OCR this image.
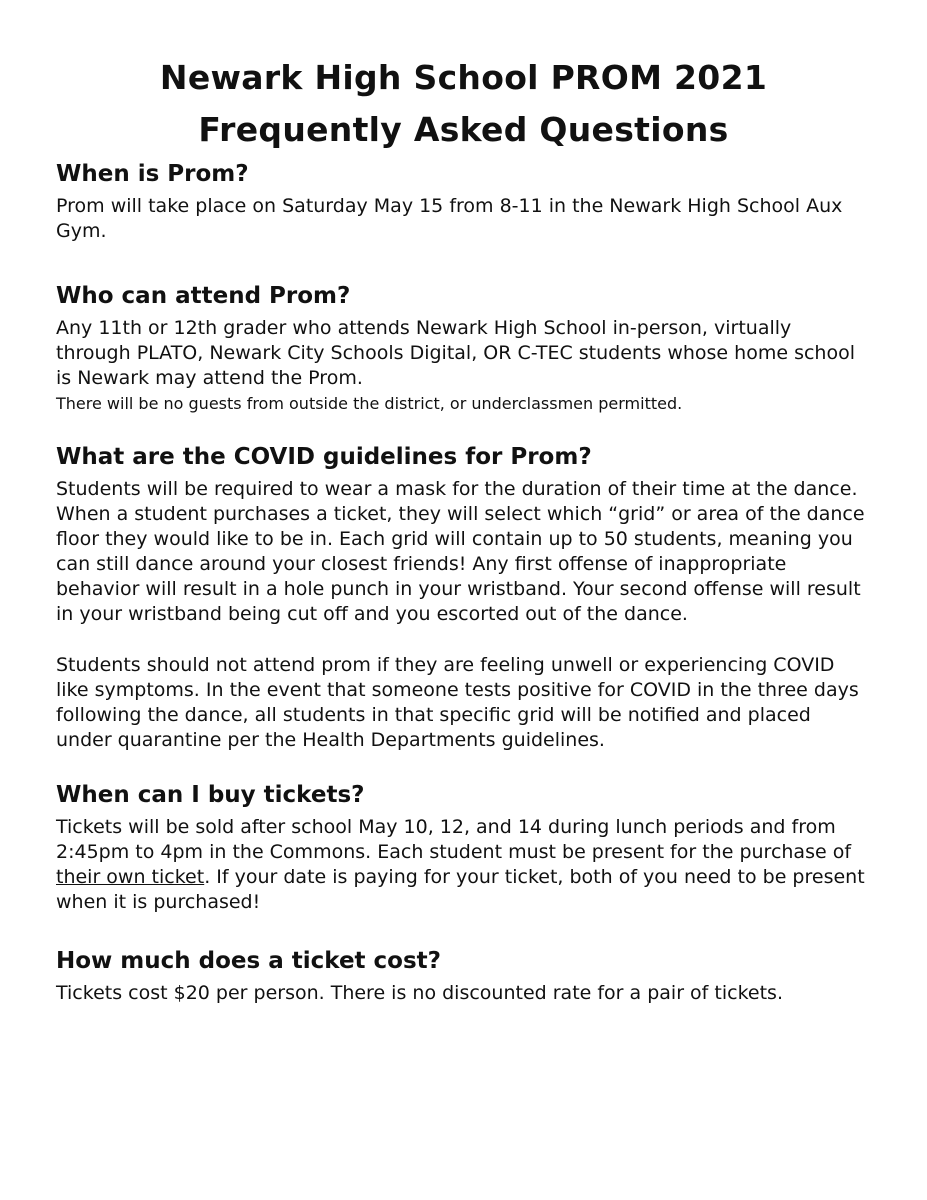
Newark High School PROM 2021

Frequently Asked Questions

When is Prom?

Prom will take place on Saturday May 15 from 8-11 in the Newark High School Aux Gym.

Who can attend Prom?

Any 11th or 12th grader who attends Newark High School in-person, virtually through PLATO, Newark City Schools Digital, OR C-TEC students whose home school is Newark may attend the Prom.

There will be no guests from outside the district, or underclassmen permitted.

What are the COVID guidelines for Prom?

Students will be required to wear a mask for the duration of their time at the dance. When a student purchases a ticket, they will select which “grid” or area of the dance floor they would like to be in. Each grid will contain up to 50 students, meaning you can still dance around your closest friends! Any first offense of inappropriate behavior will result in a hole punch in your wristband. Your second offense will result in your wristband being cut off and you escorted out of the dance.

Students should not attend prom if they are feeling unwell or experiencing COVID like symptoms. In the event that someone tests positive for COVID in the three days following the dance, all students in that specific grid will be notified and placed under quarantine per the Health Departments guidelines.

When can I buy tickets?

Tickets will be sold after school May 10, 12, and 14 during lunch periods and from 2:45pm to 4pm in the Commons. Each student must be present for the purchase of their own ticket. If your date is paying for your ticket, both of you need to be present when it is purchased!

How much does a ticket cost?

Tickets cost $20 per person. There is no discounted rate for a pair of tickets.
